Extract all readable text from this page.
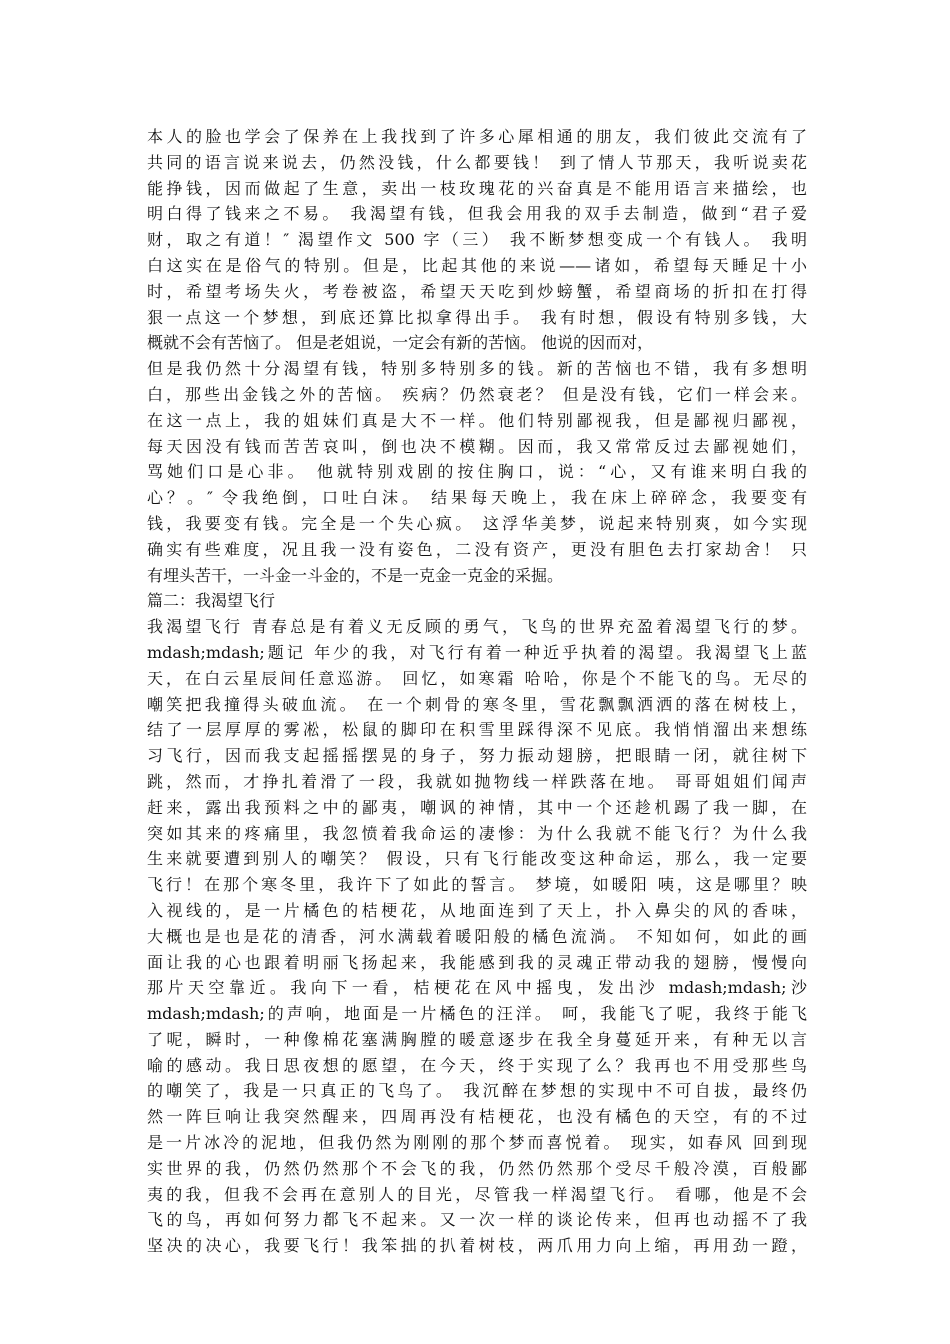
本人的脸也学会了保养在上我找到了许多心犀相通的朋友，我们彼此交流有了
共同的语言说来说去，仍然没钱，什么都要钱！ 到了情人节那天，我听说卖花
能挣钱，因而做起了生意，卖出一枝玫瑰花的兴奋真是不能用语言来描绘，也
明白得了钱来之不易。 我渴望有钱，但我会用我的双手去制造，做到“君子爱
财，取之有道！″ 渴望作文 500 字（三） 我不断梦想变成一个有钱人。 我明
白这实在是俗气的特别。但是，比起其他的来说——诸如，希望每天睡足十小
时，希望考场失火，考卷被盗，希望天天吃到炒螃蟹，希望商场的折扣在打得
狠一点这一个梦想，到底还算比拟拿得出手。 我有时想，假设有特别多钱，大
概就不会有苦恼了。 但是老姐说，一定会有新的苦恼。 他说的因而对，
但是我仍然十分渴望有钱，特别多特别多的钱。新的苦恼也不错，我有多想明
白，那些出金钱之外的苦恼。 疾病？仍然衰老？ 但是没有钱，它们一样会来。
在这一点上，我的姐妹们真是大不一样。他们特别鄙视我，但是鄙视归鄙视，
每天因没有钱而苦苦哀叫，倒也决不模糊。因而，我又常常反过去鄙视她们，
骂她们口是心非。 他就特别戏剧的按住胸口，说：“心，又有谁来明白我的
心？。″ 令我绝倒，口吐白沫。 结果每天晚上，我在床上碎碎念，我要变有
钱，我要变有钱。完全是一个失心疯。 这浮华美梦，说起来特别爽，如今实现
确实有些难度，况且我一没有姿色，二没有资产，更没有胆色去打家劫舍！ 只
有埋头苦干，一斗金一斗金的，不是一克金一克金的采掘。
篇二：我渴望飞行
我渴望飞行 青春总是有着义无反顾的勇气，飞鸟的世界充盈着渴望飞行的梦。
mdash;mdash;题记 年少的我，对飞行有着一种近乎执着的渴望。我渴望飞上蓝
天，在白云星辰间任意巡游。 回忆，如寒霜 哈哈，你是个不能飞的鸟。无尽的
嘲笑把我撞得头破血流。 在一个刺骨的寒冬里，雪花飘飘洒洒的落在树枝上，
结了一层厚厚的雾凇，松鼠的脚印在积雪里踩得深不见底。我悄悄溜出来想练
习飞行，因而我支起摇摇摆晃的身子，努力振动翅膀，把眼睛一闭，就往树下
跳，然而，才挣扎着滑了一段，我就如抛物线一样跌落在地。 哥哥姐姐们闻声
赶来，露出我预料之中的鄙夷，嘲讽的神情，其中一个还趁机踢了我一脚，在
突如其来的疼痛里，我忽愤着我命运的凄惨：为什么我就不能飞行？为什么我
生来就要遭到别人的嘲笑？ 假设，只有飞行能改变这种命运，那么，我一定要
飞行！在那个寒冬里，我许下了如此的誓言。 梦境，如暖阳 咦，这是哪里？映
入视线的，是一片橘色的桔梗花，从地面连到了天上，扑入鼻尖的风的香味，
大概也是也是花的清香，河水满载着暖阳般的橘色流淌。 不知如何，如此的画
面让我的心也跟着明丽飞扬起来，我能感到我的灵魂正带动我的翅膀，慢慢向
那片天空靠近。我向下一看，桔梗花在风中摇曳，发出沙 mdash;mdash;沙
mdash;mdash;的声响，地面是一片橘色的汪洋。 呵，我能飞了呢，我终于能飞
了呢，瞬时，一种像棉花塞满胸膛的暖意逐步在我全身蔓延开来，有种无以言
喻的感动。我日思夜想的愿望，在今天，终于实现了么？我再也不用受那些鸟
的嘲笑了，我是一只真正的飞鸟了。 我沉醉在梦想的实现中不可自拔，最终仍
然一阵巨响让我突然醒来，四周再没有桔梗花，也没有橘色的天空，有的不过
是一片冰冷的泥地，但我仍然为刚刚的那个梦而喜悦着。 现实，如春风 回到现
实世界的我，仍然仍然那个不会飞的我，仍然仍然那个受尽千般冷漠，百般鄙
夷的我，但我不会再在意别人的目光，尽管我一样渴望飞行。 看哪，他是不会
飞的鸟，再如何努力都飞不起来。又一次一样的谈论传来，但再也动摇不了我
坚决的决心，我要飞行！我笨拙的扒着树枝，两爪用力向上缩，再用劲一蹬，
